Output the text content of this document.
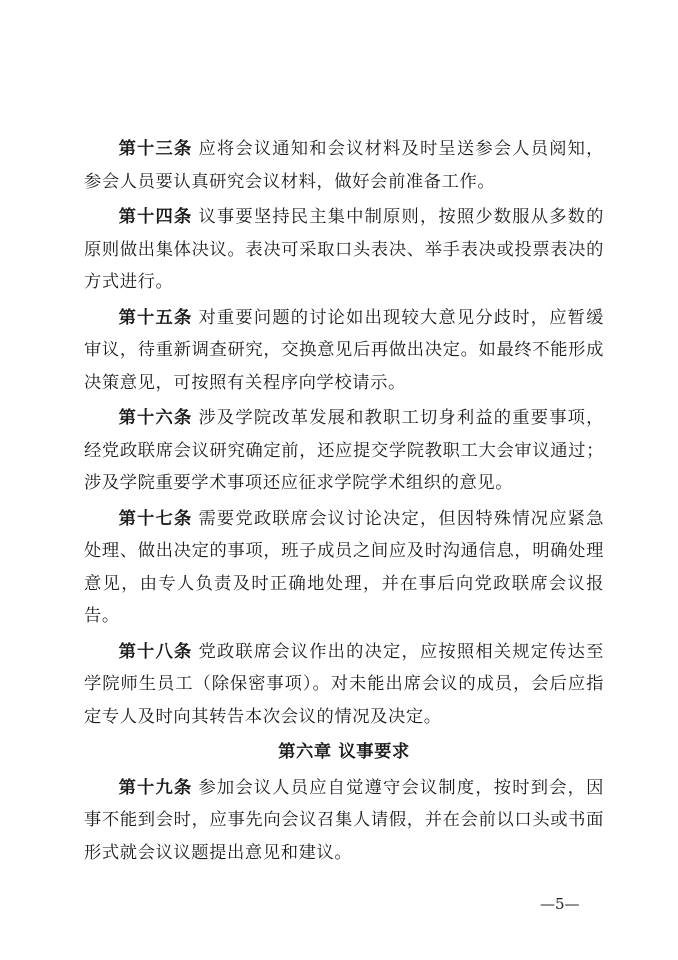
第十三条 应将会议通知和会议材料及时呈送参会人员阅知，参会人员要认真研究会议材料，做好会前准备工作。

第十四条 议事要坚持民主集中制原则，按照少数服从多数的原则做出集体决议。表决可采取口头表决、举手表决或投票表决的方式进行。

第十五条 对重要问题的讨论如出现较大意见分歧时，应暂缓审议，待重新调查研究，交换意见后再做出决定。如最终不能形成决策意见，可按照有关程序向学校请示。

第十六条 涉及学院改革发展和教职工切身利益的重要事项，经党政联席会议研究确定前，还应提交学院教职工大会审议通过；涉及学院重要学术事项还应征求学院学术组织的意见。

第十七条 需要党政联席会议讨论决定，但因特殊情况应紧急处理、做出决定的事项，班子成员之间应及时沟通信息，明确处理意见，由专人负责及时正确地处理，并在事后向党政联席会议报告。

第十八条 党政联席会议作出的决定，应按照相关规定传达至学院师生员工（除保密事项）。对未能出席会议的成员，会后应指定专人及时向其转告本次会议的情况及决定。

第六章 议事要求

第十九条 参加会议人员应自觉遵守会议制度，按时到会，因事不能到会时，应事先向会议召集人请假，并在会前以口头或书面形式就会议议题提出意见和建议。

—5—
